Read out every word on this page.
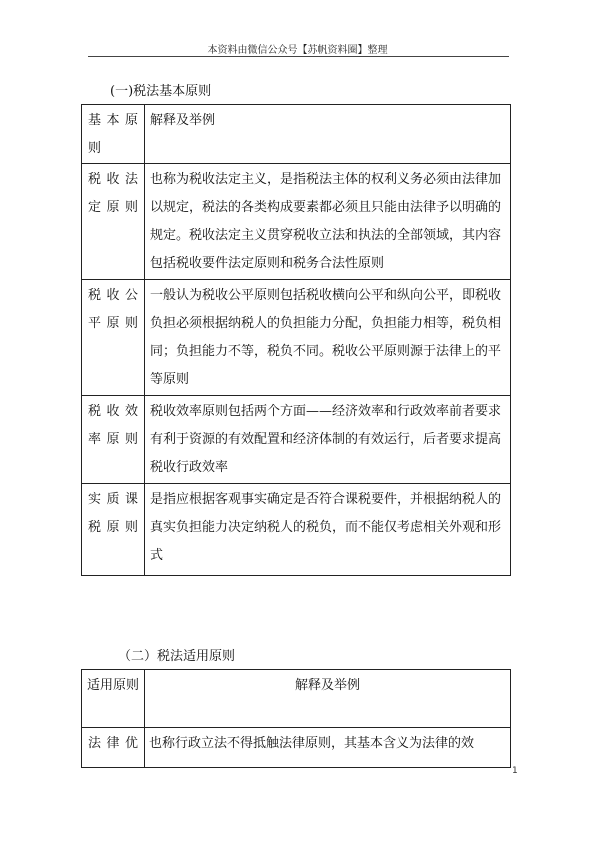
本资料由微信公众号【苏帆资料圈】整理
(一)税法基本原则
基本原则	解释及举例
税收法定原则	也称为税收法定主义，是指税法主体的权利义务必须由法律加以规定，税法的各类构成要素都必须且只能由法律予以明确的规定。税收法定主义贯穿税收立法和执法的全部领域，其内容包括税收要件法定原则和税务合法性原则
税收公平原则	一般认为税收公平原则包括税收横向公平和纵向公平，即税收负担必须根据纳税人的负担能力分配，负担能力相等，税负相同；负担能力不等，税负不同。税收公平原则源于法律上的平等原则
税收效率原则	税收效率原则包括两个方面——经济效率和行政效率前者要求有利于资源的有效配置和经济体制的有效运行，后者要求提高税收行政效率
实质课税原则	是指应根据客观事实确定是否符合课税要件，并根据纳税人的真实负担能力决定纳税人的税负，而不能仅考虑相关外观和形式
（二）税法适用原则
适用原则	解释及举例
法律优	也称行政立法不得抵触法律原则，其基本含义为法律的效
1
